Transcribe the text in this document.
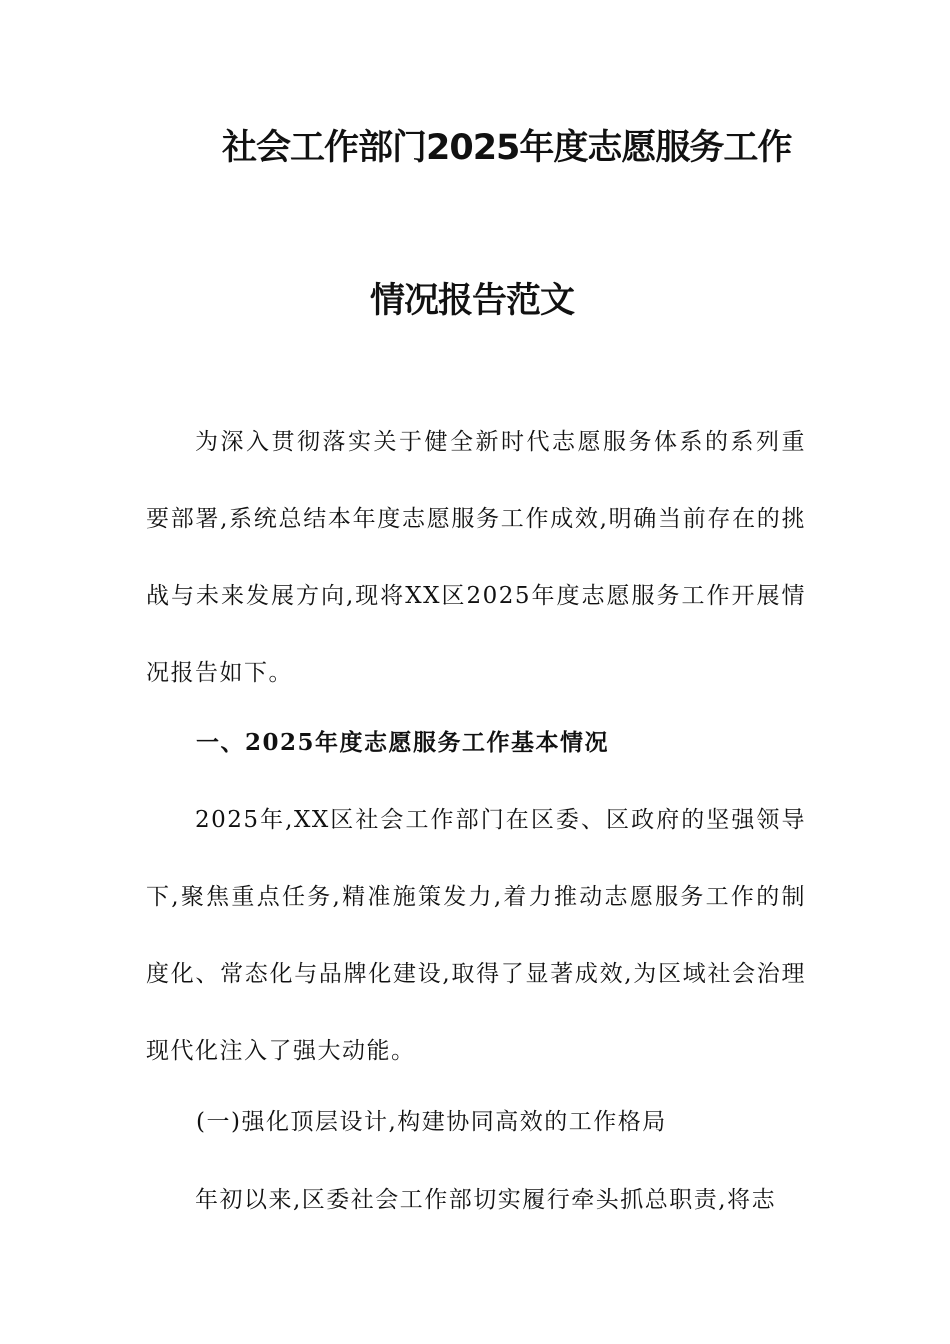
社会工作部门2025年度志愿服务工作
情况报告范文

为深入贯彻落实关于健全新时代志愿服务体系的系列重要部署,系统总结本年度志愿服务工作成效,明确当前存在的挑战与未来发展方向,现将XX区2025年度志愿服务工作开展情况报告如下。

一、2025年度志愿服务工作基本情况

2025年,XX区社会工作部门在区委、区政府的坚强领导下,聚焦重点任务,精准施策发力,着力推动志愿服务工作的制度化、常态化与品牌化建设,取得了显著成效,为区域社会治理现代化注入了强大动能。

(一)强化顶层设计,构建协同高效的工作格局

年初以来,区委社会工作部切实履行牵头抓总职责,将志
